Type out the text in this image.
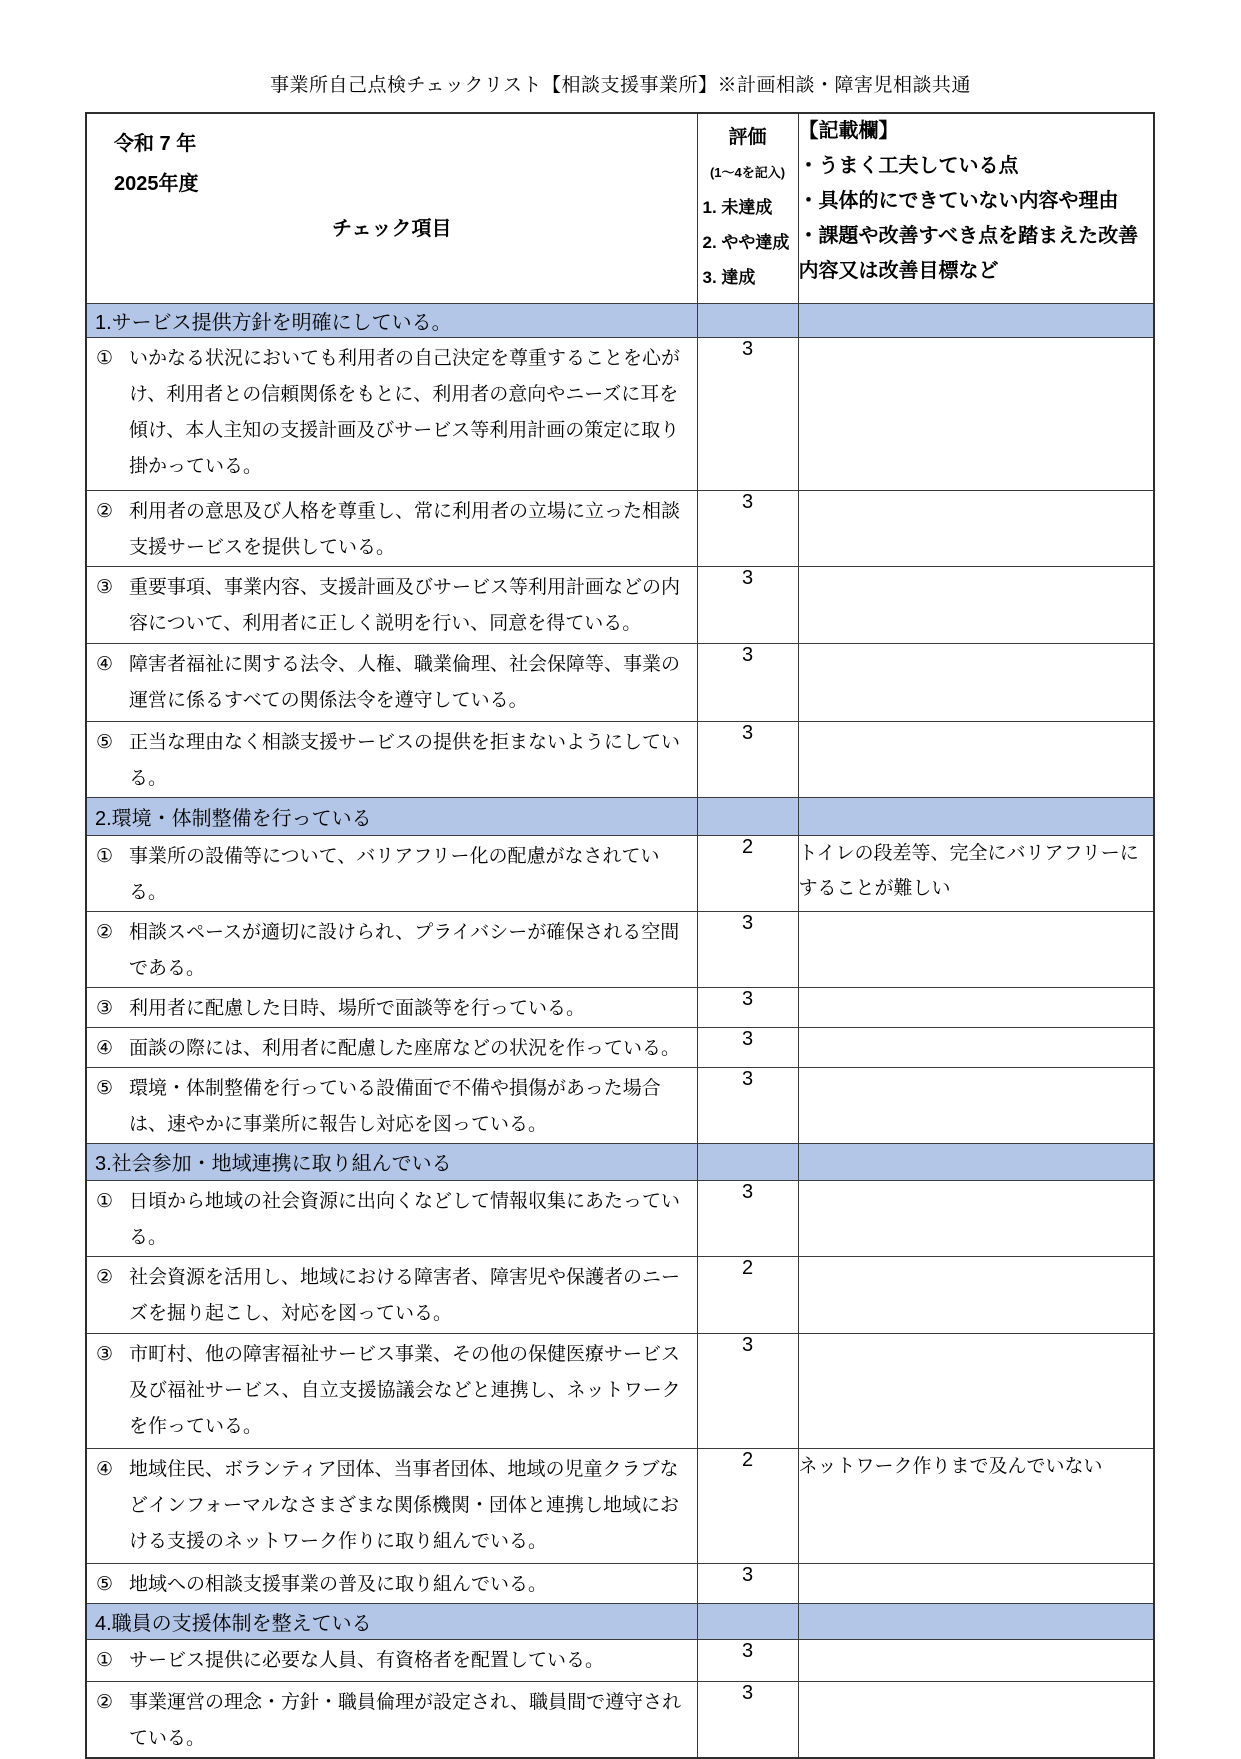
事業所自己点検チェックリスト【相談支援事業所】※計画相談・障害児相談共通
令和 7 年
2025年度
チェック項目

評価
(1～4を記入)
1. 未達成
2. やや達成
3. 達成

【記載欄】
・うまく工夫している点
・具体的にできていない内容や理由
・課題や改善すべき点を踏まえた改善内容又は改善目標など

1.サービス提供方針を明確にしている。		

① いかなる状況においても利用者の自己決定を尊重することを心がけ、利用者との信頼関係をもとに、利用者の意向やニーズに耳を傾け、本人主知の支援計画及びサービス等利用計画の策定に取り掛かっている。	3	

② 利用者の意思及び人格を尊重し、常に利用者の立場に立った相談支援サービスを提供している。	3	

③ 重要事項、事業内容、支援計画及びサービス等利用計画などの内容について、利用者に正しく説明を行い、同意を得ている。	3	

④ 障害者福祉に関する法令、人権、職業倫理、社会保障等、事業の運営に係るすべての関係法令を遵守している。	3	

⑤ 正当な理由なく相談支援サービスの提供を拒まないようにしている。	3	

2.環境・体制整備を行っている		

① 事業所の設備等について、バリアフリー化の配慮がなされている。	2	トイレの段差等、完全にバリアフリーにすることが難しい

② 相談スペースが適切に設けられ、プライバシーが確保される空間である。	3	

③ 利用者に配慮した日時、場所で面談等を行っている。	3	

④ 面談の際には、利用者に配慮した座席などの状況を作っている。	3	

⑤ 環境・体制整備を行っている設備面で不備や損傷があった場合は、速やかに事業所に報告し対応を図っている。	3	

3.社会参加・地域連携に取り組んでいる		

① 日頃から地域の社会資源に出向くなどして情報収集にあたっている。	3	

② 社会資源を活用し、地域における障害者、障害児や保護者のニーズを掘り起こし、対応を図っている。	2	

③ 市町村、他の障害福祉サービス事業、その他の保健医療サービス及び福祉サービス、自立支援協議会などと連携し、ネットワークを作っている。	3	

④ 地域住民、ボランティア団体、当事者団体、地域の児童クラブなどインフォーマルなさまざまな関係機関・団体と連携し地域における支援のネットワーク作りに取り組んでいる。	2	ネットワーク作りまで及んでいない

⑤ 地域への相談支援事業の普及に取り組んでいる。	3	

4.職員の支援体制を整えている		

① サービス提供に必要な人員、有資格者を配置している。	3	

② 事業運営の理念・方針・職員倫理が設定され、職員間で遵守されている。	3	
